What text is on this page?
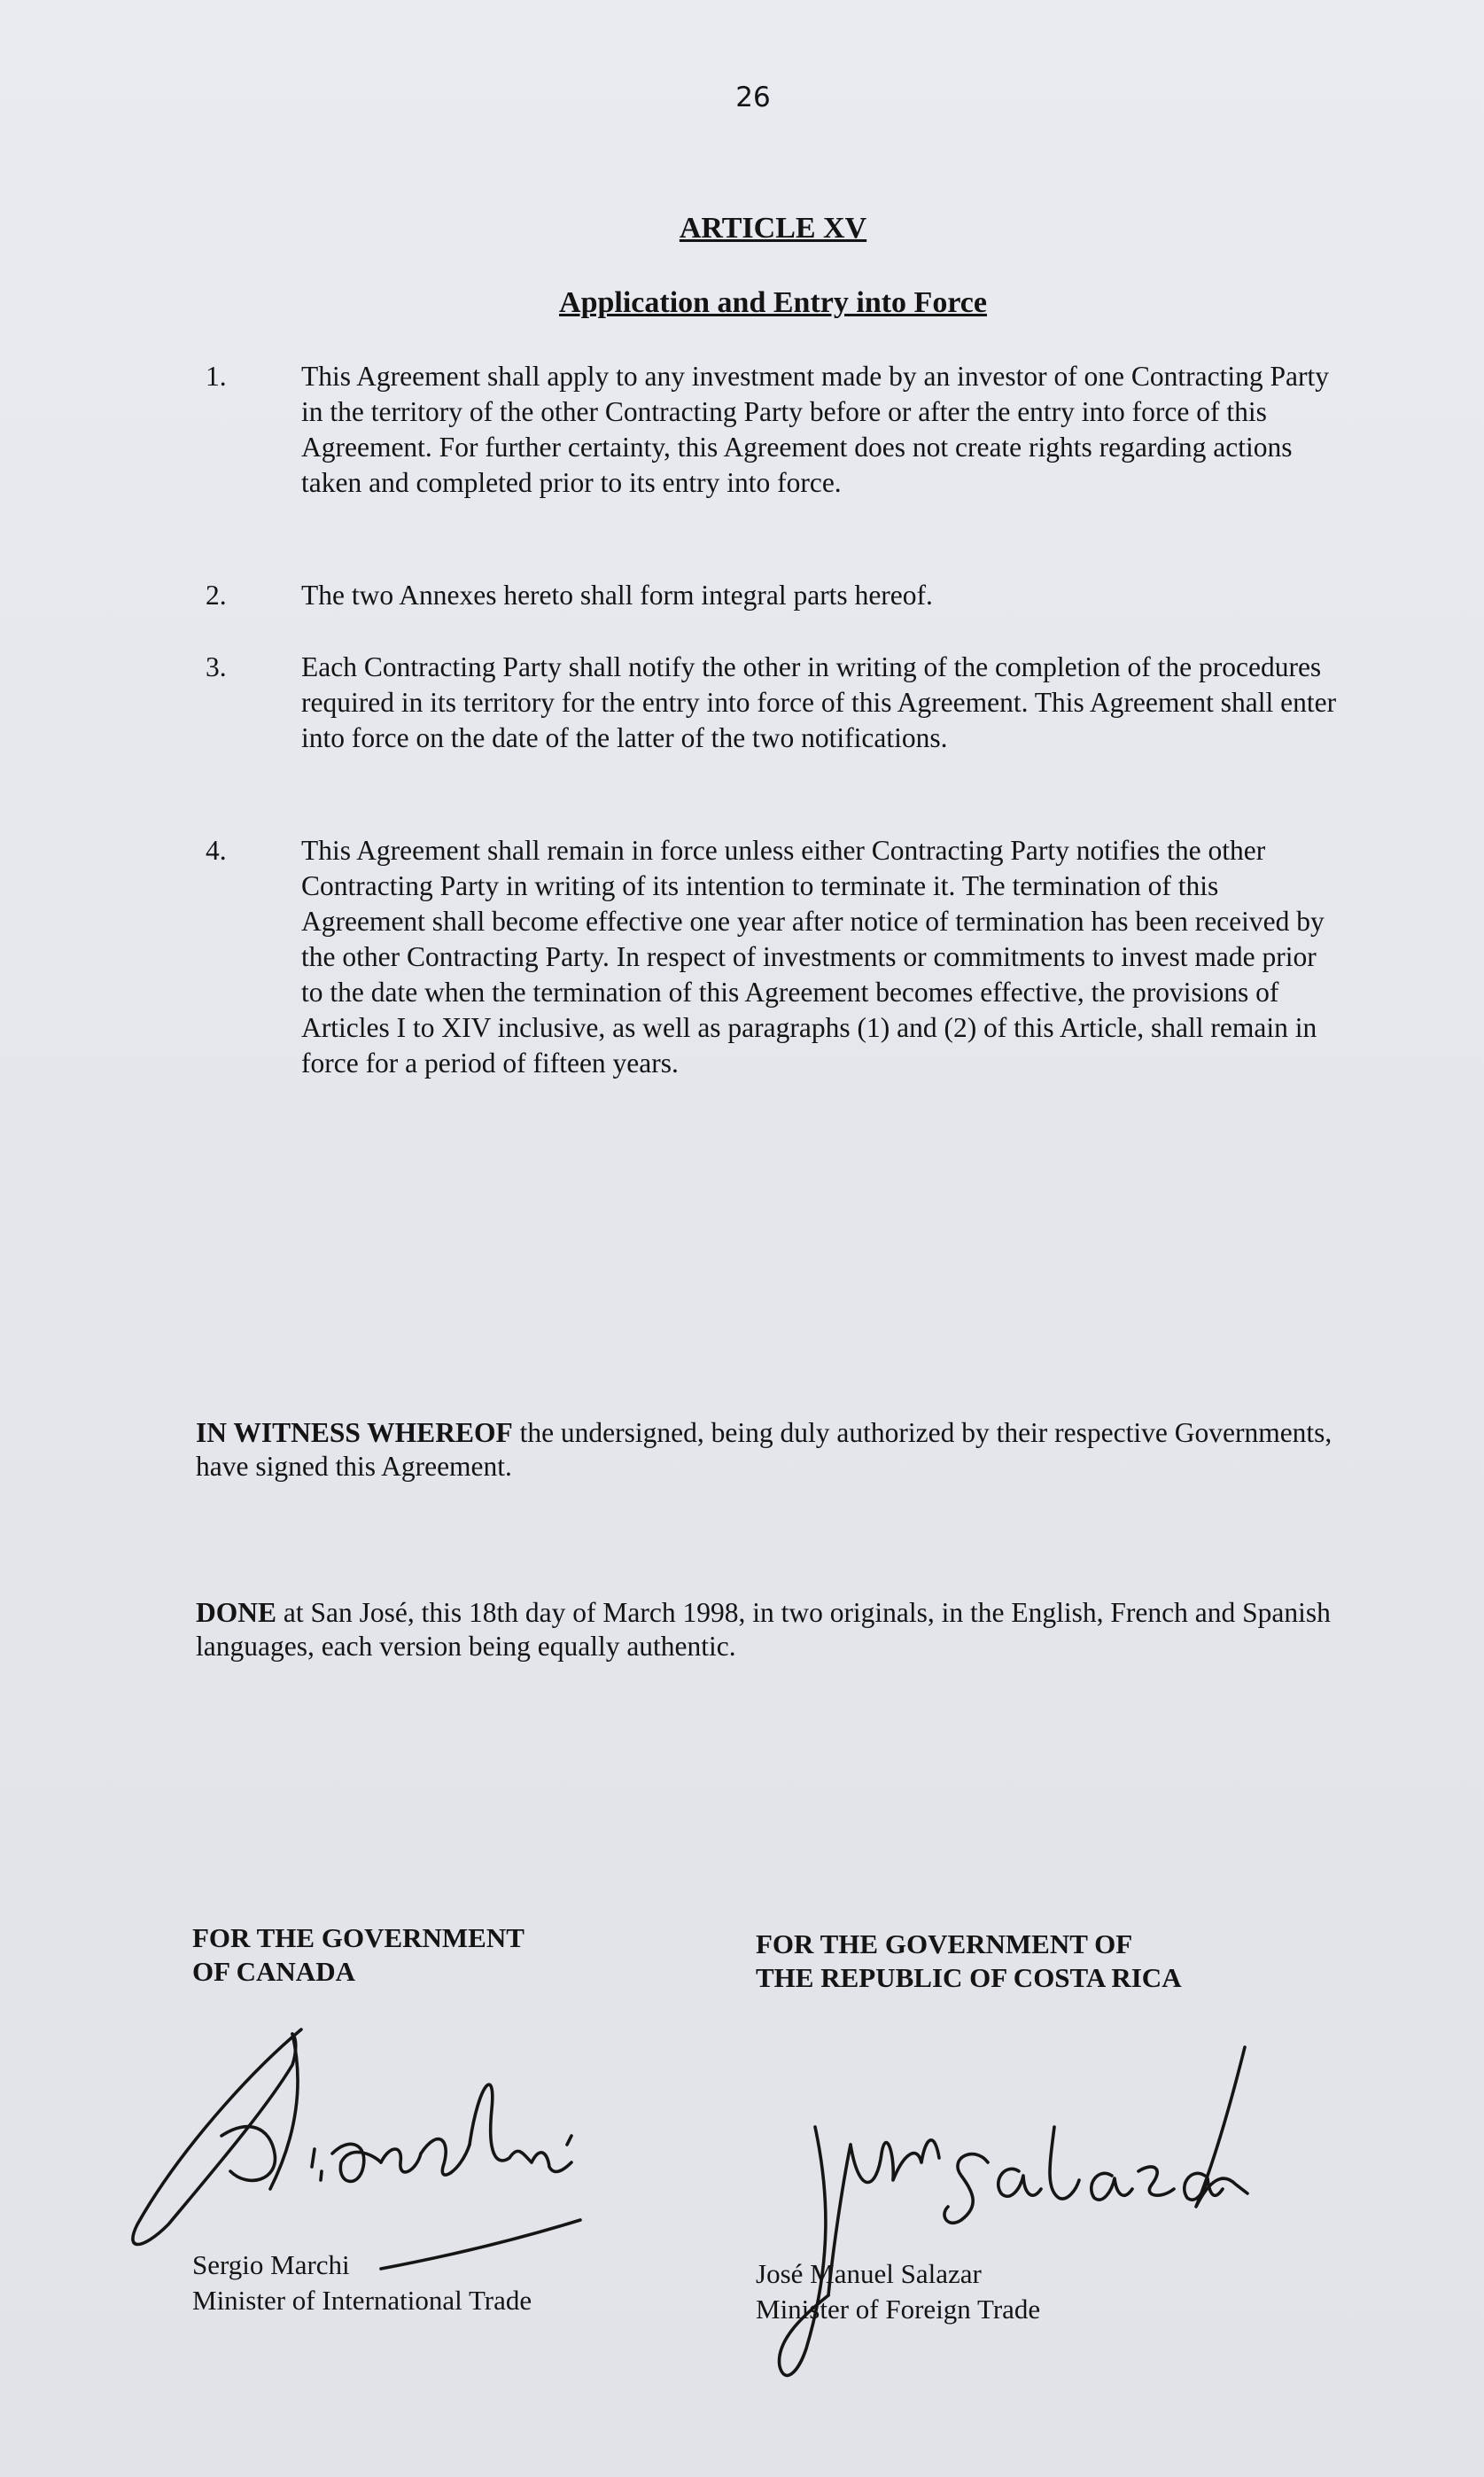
26
ARTICLE XV
Application and Entry into Force
1.	This Agreement shall apply to any investment made by an investor of one Contracting Party in the territory of the other Contracting Party before or after the entry into force of this Agreement. For further certainty, this Agreement does not create rights regarding actions taken and completed prior to its entry into force.
2.	The two Annexes hereto shall form integral parts hereof.
3.	Each Contracting Party shall notify the other in writing of the completion of the procedures required in its territory for the entry into force of this Agreement. This Agreement shall enter into force on the date of the latter of the two notifications.
4.	This Agreement shall remain in force unless either Contracting Party notifies the other Contracting Party in writing of its intention to terminate it. The termination of this Agreement shall become effective one year after notice of termination has been received by the other Contracting Party. In respect of investments or commitments to invest made prior to the date when the termination of this Agreement becomes effective, the provisions of Articles I to XIV inclusive, as well as paragraphs (1) and (2) of this Article, shall remain in force for a period of fifteen years.
IN WITNESS WHEREOF the undersigned, being duly authorized by their respective Governments, have signed this Agreement.
DONE at San José, this 18th day of March 1998, in two originals, in the English, French and Spanish languages, each version being equally authentic.
FOR THE GOVERNMENT
OF CANADA
Sergio Marchi
Minister of International Trade
FOR THE GOVERNMENT OF
THE REPUBLIC OF COSTA RICA
José Manuel Salazar
Minister of Foreign Trade
